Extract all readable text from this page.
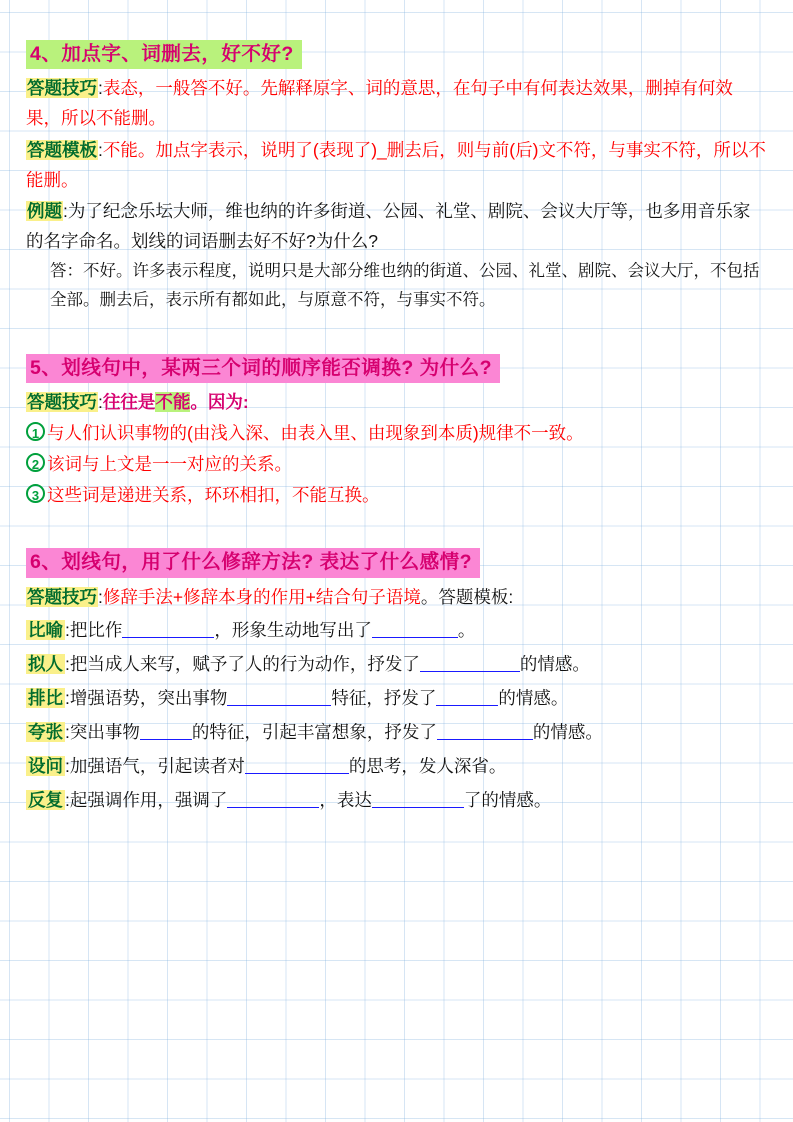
4、加点字、词删去，好不好?
答题技巧:表态，一般答不好。先解释原字、词的意思，在句子中有何表达效果，删掉有何效果，所以不能删。
答题模板:不能。加点字表示，说明了(表现了)_删去后，则与前(后)文不符，与事实不符，所以不能删。
例题:为了纪念乐坛大师，维也纳的许多街道、公园、礼堂、剧院、会议大厅等，也多用音乐家的名字命名。划线的词语删去好不好?为什么?
答：不好。许多表示程度，说明只是大部分维也纳的街道、公园、礼堂、剧院、会议大厅，不包括全部。删去后，表示所有都如此，与原意不符，与事实不符。
5、划线句中，某两三个词的顺序能否调换? 为什么?
答题技巧:往往是不能。因为:
1 与人们认识事物的(由浅入深、由表入里、由现象到本质)规律不一致。
2 该词与上文是一一对应的关系。
3 这些词是递进关系，环环相扣，不能互换。
6、划线句，用了什么修辞方法? 表达了什么感情?
答题技巧:修辞手法+修辞本身的作用+结合句子语境。答题模板:
比喻 :把比作	，形象生动地写出了	。
拟人 :把当成人来写，赋予了人的行为动作，抒发了	的情感。
排比 :增强语势，突出事物	特征，抒发了	的情感。
夸张 :突出事物	的特征，引起丰富想象，抒发了	的情感。
设问 :加强语气，引起读者对	的思考，发人深省。
反复 :起强调作用，强调了	，表达	了的情感。
